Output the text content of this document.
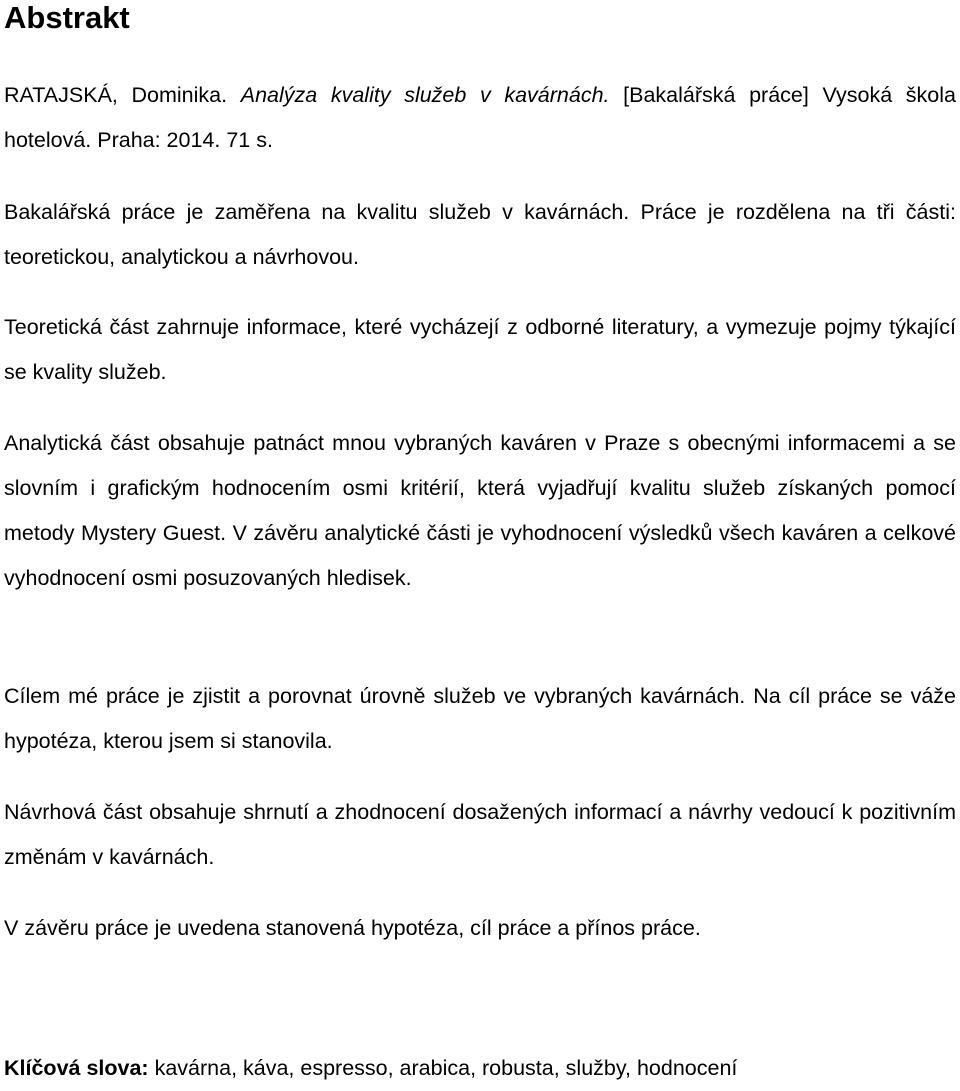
Abstrakt

RATAJSKÁ, Dominika. Analýza kvality služeb v kavárnách. [Bakalářská práce] Vysoká škola hotelová. Praha: 2014. 71 s.

Bakalářská práce je zaměřena na kvalitu služeb v kavárnách. Práce je rozdělena na tři části: teoretickou, analytickou a návrhovou.

Teoretická část zahrnuje informace, které vycházejí z odborné literatury, a vymezuje pojmy týkající se kvality služeb.

Analytická část obsahuje patnáct mnou vybraných kaváren v Praze s obecnými informacemi a se slovním i grafickým hodnocením osmi kritérií, která vyjadřují kvalitu služeb získaných pomocí metody Mystery Guest. V závěru analytické části je vyhodnocení výsledků všech kaváren a celkové vyhodnocení osmi posuzovaných hledisek.

Cílem mé práce je zjistit a porovnat úrovně služeb ve vybraných kavárnách. Na cíl práce se váže hypotéza, kterou jsem si stanovila.

Návrhová část obsahuje shrnutí a zhodnocení dosažených informací a návrhy vedoucí k pozitivním změnám v kavárnách.

V závěru práce je uvedena stanovená hypotéza, cíl práce a přínos práce.

Klíčová slova: kavárna, káva, espresso, arabica, robusta, služby, hodnocení
